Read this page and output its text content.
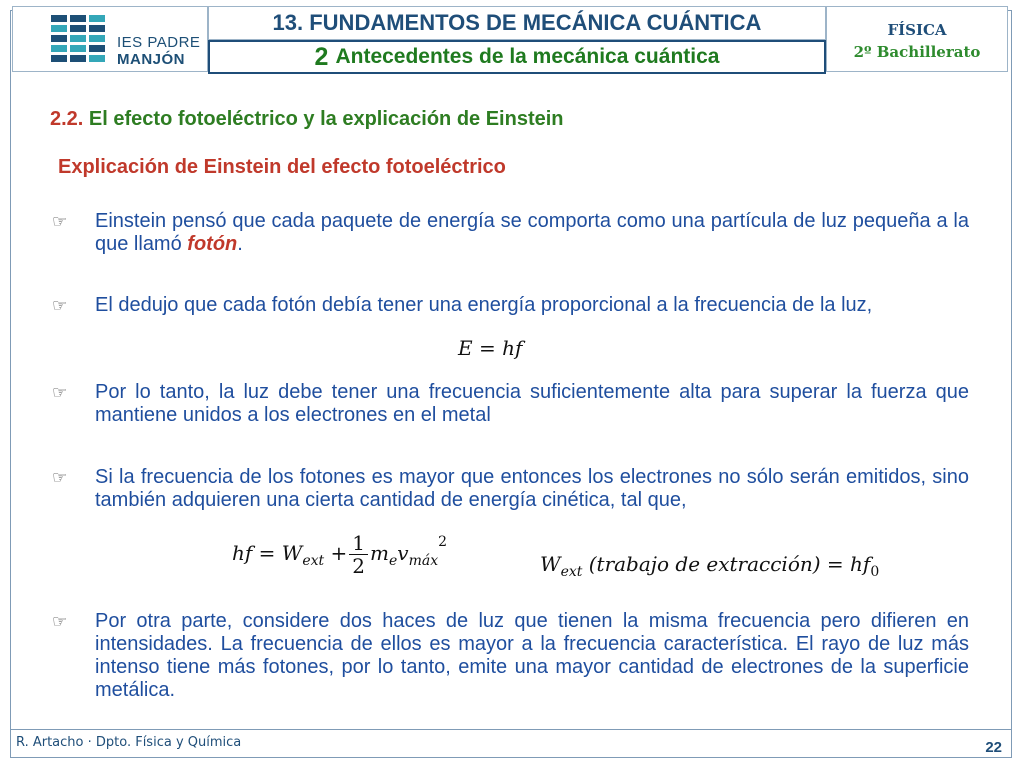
IES PADRE
MANJÓN
13. FUNDAMENTOS DE MECÁNICA CUÁNTICA
2 Antecedentes de la mecánica cuántica
FÍSICA
2º Bachillerato
2.2. El efecto fotoeléctrico y la explicación de Einstein
Explicación de Einstein del efecto fotoeléctrico
☞ Einstein pensó que cada paquete de energía se comporta como una partícula de luz pequeña a la que llamó fotón.
☞ El dedujo que cada fotón debía tener una energía proporcional a la frecuencia de la luz,
E = hf
☞ Por lo tanto, la luz debe tener una frecuencia suficientemente alta para superar la fuerza que mantiene unidos a los electrones en el metal
☞ Si la frecuencia de los fotones es mayor que entonces los electrones no sólo serán emitidos, sino también adquieren una cierta cantidad de energía cinética, tal que,
hf = $W_{ext} + \frac{1}{2} m_ev_{máx}^2$
$W_{ext}$ (trabajo de extracción) = $hf_0$
☞ Por otra parte, considere dos haces de luz que tienen la misma frecuencia pero difieren en intensidades. La frecuencia de ellos es mayor a la frecuencia característica. El rayo de luz más intenso tiene más fotones, por lo tanto, emite una mayor cantidad de electrones de la superficie metálica.
R. Artacho · Dpto. Física y Química	22
